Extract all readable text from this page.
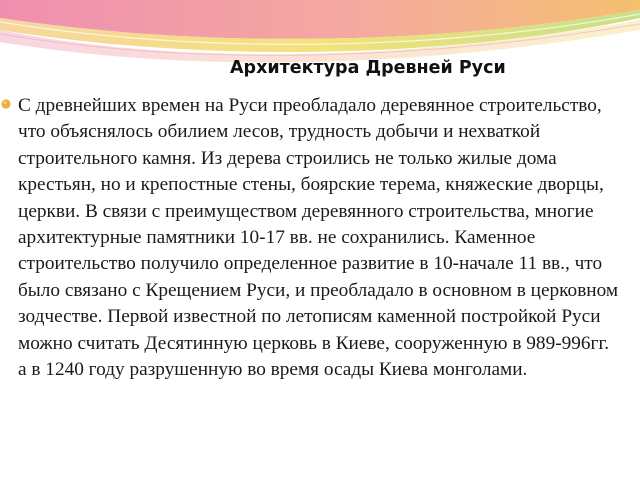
Архитектура Древней Руси

С древнейших времен на Руси преобладало деревянное строительство, что объяснялось обилием лесов, трудность добычи и нехваткой строительного камня. Из дерева строились не только жилые дома крестьян, но и крепостные стены, боярские терема, княжеские дворцы, церкви. В связи с преимуществом деревянного строительства, многие архитектурные памятники 10-17 вв. не сохранились. Каменное строительство получило определенное развитие в 10-начале 11 вв., что было связано с Крещением Руси, и преобладало в основном в церковном зодчестве. Первой известной по летописям каменной постройкой Руси можно считать Десятинную церковь в Киеве, сооруженную в 989-996гг. а в 1240 году разрушенную во время осады Киева монголами.
